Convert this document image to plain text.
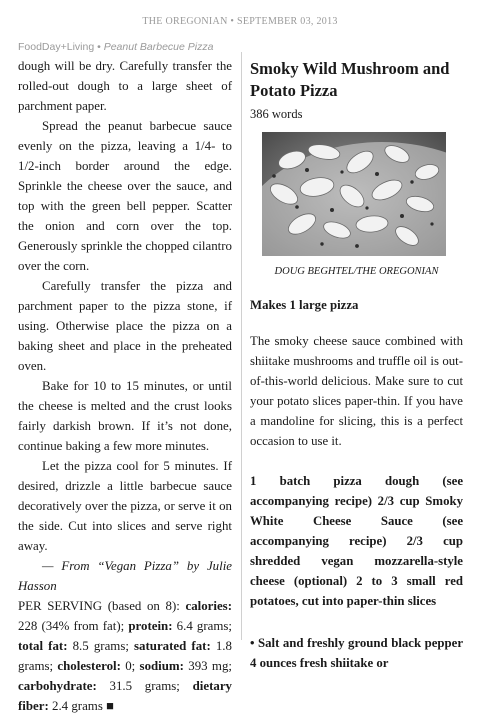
THE OREGONIAN • SEPTEMBER 03, 2013
FoodDay+Living • Peanut Barbecue Pizza

dough will be dry. Carefully transfer the rolled-out dough to a large sheet of parchment paper.

Spread the peanut barbecue sauce evenly on the pizza, leaving a 1/4- to 1/2-inch border around the edge. Sprinkle the cheese over the sauce, and top with the green bell pepper. Scatter the onion and corn over the top. Generously sprinkle the chopped cilantro over the corn.

Carefully transfer the pizza and parchment paper to the pizza stone, if using. Otherwise place the pizza on a baking sheet and place in the preheated oven.

Bake for 10 to 15 minutes, or until the cheese is melted and the crust looks fairly darkish brown. If it’s not done, continue baking a few more minutes.

Let the pizza cool for 5 minutes. If desired, drizzle a little barbecue sauce decoratively over the pizza, or serve it on the side. Cut into slices and serve right away.

— From “Vegan Pizza” by Julie Hasson

PER SERVING (based on 8): calories: 228 (34% from fat); protein: 6.4 grams; total fat: 8.5 grams; saturated fat: 1.8 grams; cholesterol: 0; sodium: 393 mg; carbohydrate: 31.5 grams; dietary fiber: 2.4 grams ■

Smoky Wild Mushroom and Potato Pizza
386 words
DOUG BEGHTEL/THE OREGONIAN
Makes 1 large pizza
The smoky cheese sauce combined with shiitake mushrooms and truffle oil is out-of-this-world delicious. Make sure to cut your potato slices paper-thin. If you have a mandoline for slicing, this is a perfect occasion to use it.
1 batch pizza dough (see accompanying recipe) 2/3 cup Smoky White Cheese Sauce (see accompanying recipe) 2/3 cup shredded vegan mozzarella-style cheese (optional) 2 to 3 small red potatoes, cut into paper-thin slices
• Salt and freshly ground black pepper 4 ounces fresh shiitake or
